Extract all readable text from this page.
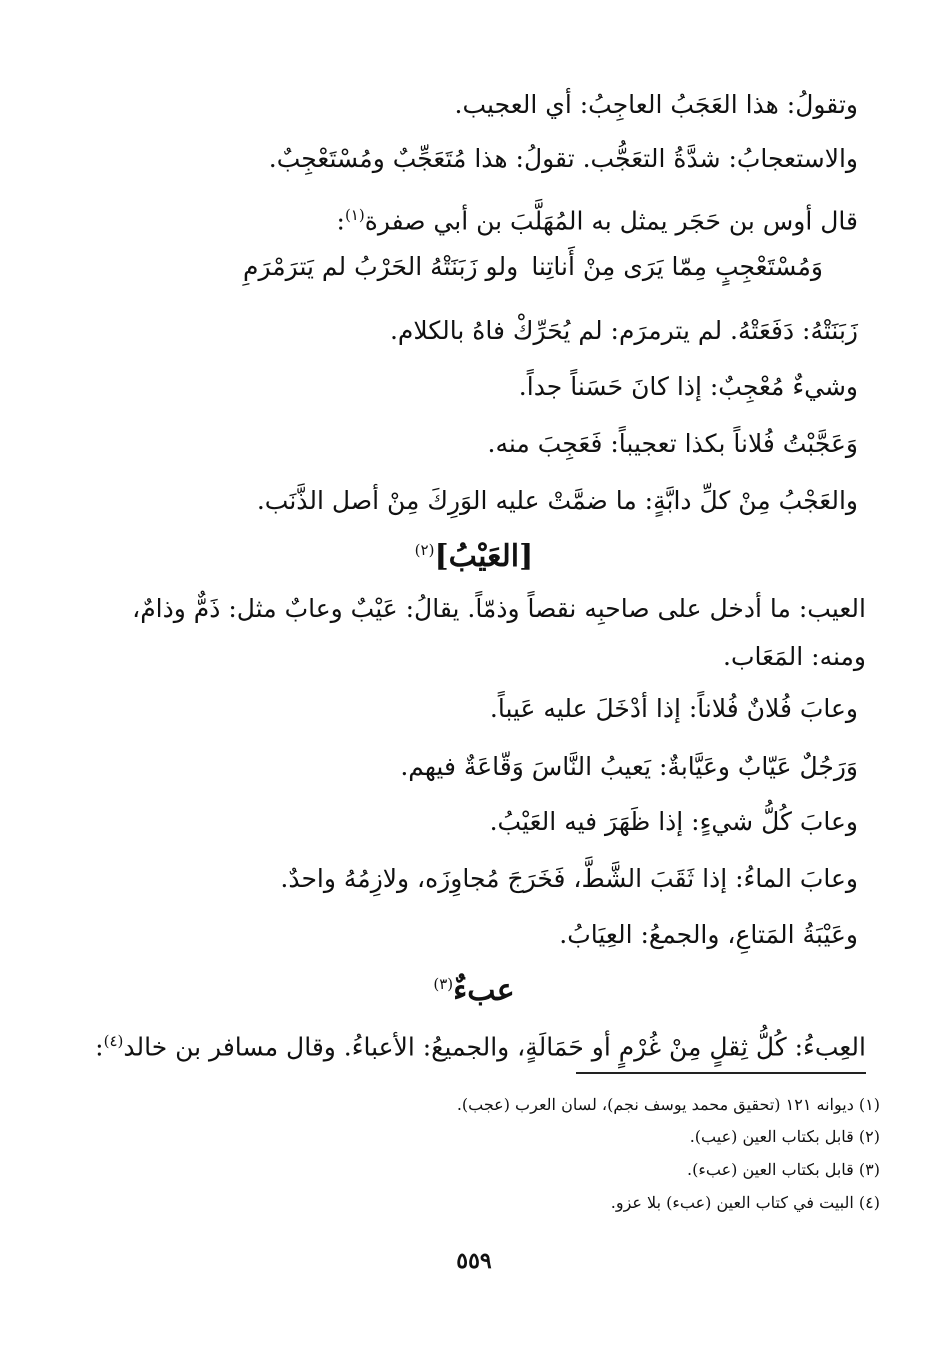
وتقولُ: هذا العَجَبُ العاجِبُ: أي العجيب.
والاستعجابُ: شدَّةُ التعَجُّب. تقولُ: هذا مُتَعَجِّبٌ ومُسْتَعْجِبٌ.
قال أوس بن حَجَر يمثل به المُهَلَّبَ بن أبي صفرة$^{(١)}$:
وَمُسْتَعْجِبٍ مِمّا يَرَى مِنْ أَناتِنا
ولو زَبَنَتْهُ الحَرْبُ لم يَترَمْرَمِ
زَبَنَتْهُ: دَفَعَتْهُ. لم يترمرَم: لم يُحَرِّكْ فاهُ بالكلام.
وشيءٌ مُعْجِبٌ: إذا كانَ حَسَناً جداً.
وَعَجَّبْتُ فُلاناً بكذا تعجيباً: فَعَجِبَ منه.
والعَجْبُ مِنْ كلِّ دابَّةٍ: ما ضمَّتْ عليه الوَرِكَ مِنْ أصل الذَّنَب.
[العَيْبُ]$^{(٢)}$
العيب: ما أدخل على صاحبِه نقصاً وذمّاً. يقالُ: عَيْبٌ وعابٌ مثل: ذَمٌّ وذامٌ،
ومنه: المَعَاب.
وعابَ فُلانٌ فُلاناً: إذا أدْخَلَ عليه عَيباً.
وَرَجُلٌ عَيّابٌ وعَيَّابةٌ: يَعيبُ النَّاسَ وَقّاعَةٌ فيهم.
وعابَ كُلُّ شيءٍ: إذا ظَهَرَ فيه العَيْبُ.
وعابَ الماءُ: إذا ثَقَبَ الشَّطَّ، فَخَرَجَ مُجاوِزَه، ولازِمُهُ واحدٌ.
وعَيْبَةُ المَتاعِ، والجمعُ: العِيَابُ.
عبءٌ$^{(٣)}$
العِبءُ: كُلُّ ثِقلٍ مِنْ غُرْمٍ أو حَمَالَةٍ، والجميعُ: الأعباءُ. وقال مسافر بن خالد$^{(٤)}$:
(١) ديوانه ١٢١ (تحقيق محمد يوسف نجم)، لسان العرب (عجب).
(٢) قابل بكتاب العين (عيب).
(٣) قابل بكتاب العين (عبء).
(٤) البيت في كتاب العين (عبء) بلا عزو.
٥٥٩
